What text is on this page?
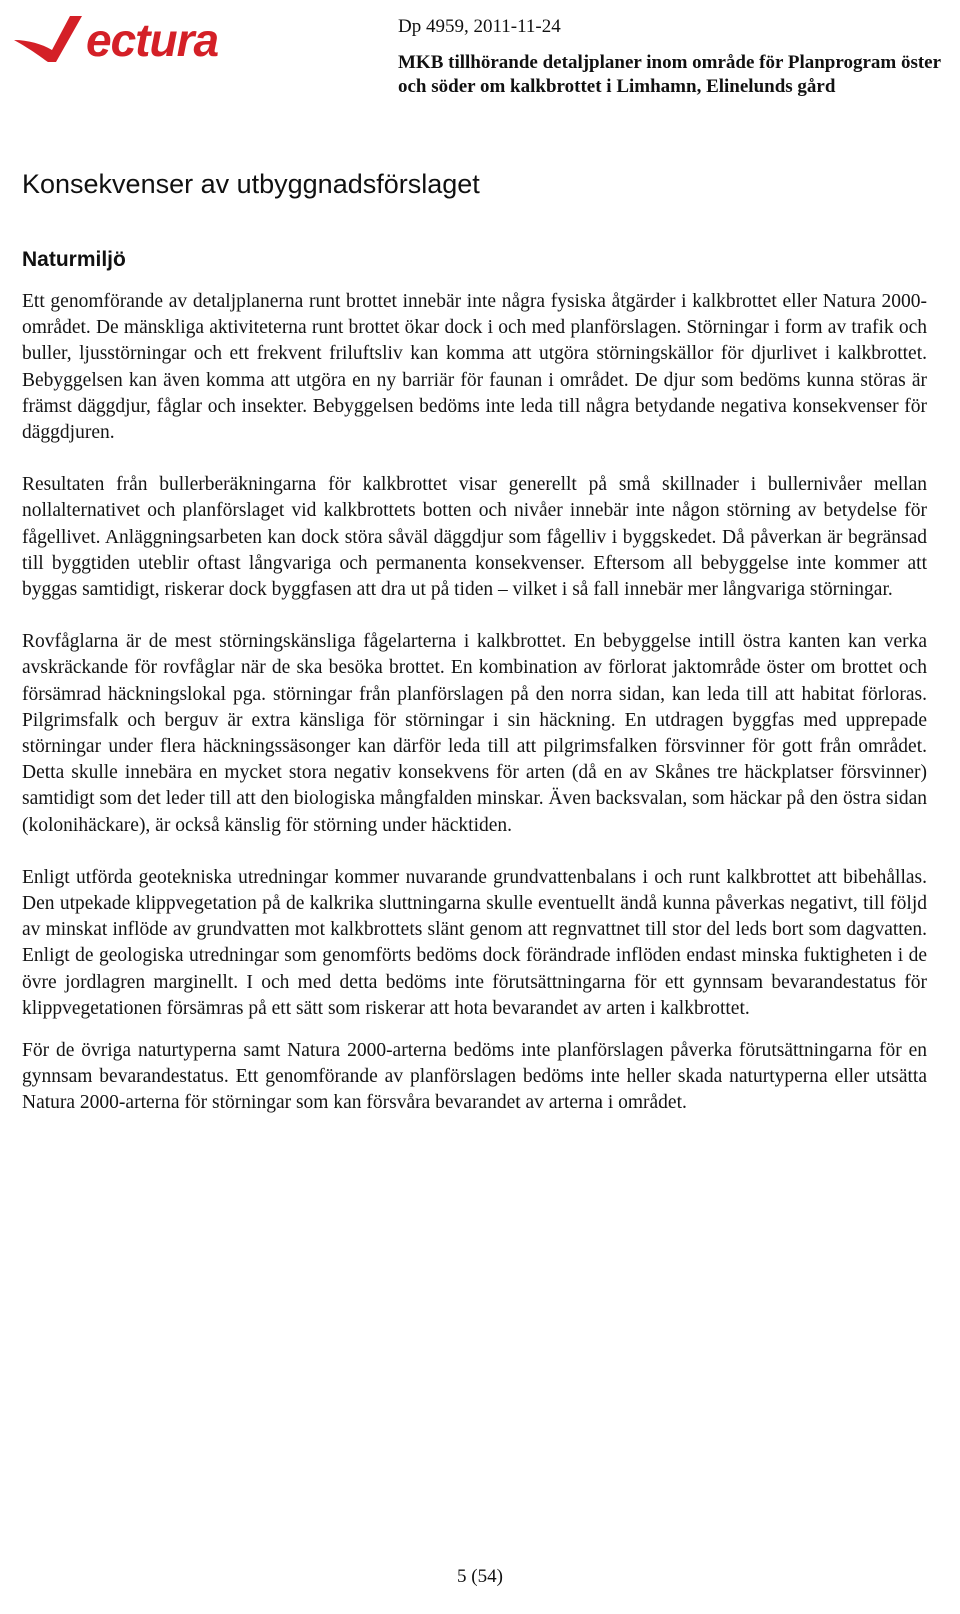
ectura	Dp 4959, 2011-11-24

MKB tillhörande detaljplaner inom område för Planprogram öster och söder om kalkbrottet i Limhamn, Elinelunds gård

Konsekvenser av utbyggnadsförslaget
Naturmiljö

Ett genomförande av detaljplanerna runt brottet innebär inte några fysiska åtgärder i kalkbrottet eller Natura 2000-området. De mänskliga aktiviteterna runt brottet ökar dock i och med planförslagen. Störningar i form av trafik och buller, ljusstörningar och ett frekvent friluftsliv kan komma att utgöra störningskällor för djurlivet i kalkbrottet. Bebyggelsen kan även komma att utgöra en ny barriär för faunan i området. De djur som bedöms kunna störas är främst däggdjur, fåglar och insekter. Bebyggelsen bedöms inte leda till några betydande negativa konsekvenser för däggdjuren.

Resultaten från bullerberäkningarna för kalkbrottet visar generellt på små skillnader i bullernivåer mellan nollalternativet och planförslaget vid kalkbrottets botten och nivåer innebär inte någon störning av betydelse för fågellivet. Anläggningsarbeten kan dock störa såväl däggdjur som fågelliv i byggskedet. Då påverkan är begränsad till byggtiden uteblir oftast långvariga och permanenta konsekvenser. Eftersom all bebyggelse inte kommer att byggas samtidigt, riskerar dock byggfasen att dra ut på tiden – vilket i så fall innebär mer långvariga störningar.

Rovfåglarna är de mest störningskänsliga fågelarterna i kalkbrottet. En bebyggelse intill östra kanten kan verka avskräckande för rovfåglar när de ska besöka brottet. En kombination av förlorat jaktområde öster om brottet och försämrad häckningslokal pga. störningar från planförslagen på den norra sidan, kan leda till att habitat förloras. Pilgrimsfalk och berguv är extra känsliga för störningar i sin häckning. En utdragen byggfas med upprepade störningar under flera häckningssäsonger kan därför leda till att pilgrimsfalken försvinner för gott från området. Detta skulle innebära en mycket stora negativ konsekvens för arten (då en av Skånes tre häckplatser försvinner) samtidigt som det leder till att den biologiska mångfalden minskar. Även backsvalan, som häckar på den östra sidan (kolonihäckare), är också känslig för störning under häcktiden.

Enligt utförda geotekniska utredningar kommer nuvarande grundvattenbalans i och runt kalkbrottet att bibehållas. Den utpekade klippvegetation på de kalkrika sluttningarna skulle eventuellt ändå kunna påverkas negativt, till följd av minskat inflöde av grundvatten mot kalkbrottets slänt genom att regnvattnet till stor del leds bort som dagvatten. Enligt de geologiska utredningar som genomförts bedöms dock förändrade inflöden endast minska fuktigheten i de övre jordlagren marginellt. I och med detta bedöms inte förutsättningarna för ett gynnsam bevarandestatus för klippvegetationen försämras på ett sätt som riskerar att hota bevarandet av arten i kalkbrottet.

För de övriga naturtyperna samt Natura 2000-arterna bedöms inte planförslagen påverka förutsättningarna för en gynnsam bevarandestatus. Ett genomförande av planförslagen bedöms inte heller skada naturtyperna eller utsätta Natura 2000-arterna för störningar som kan försvåra bevarandet av arterna i området.

5 (54)
